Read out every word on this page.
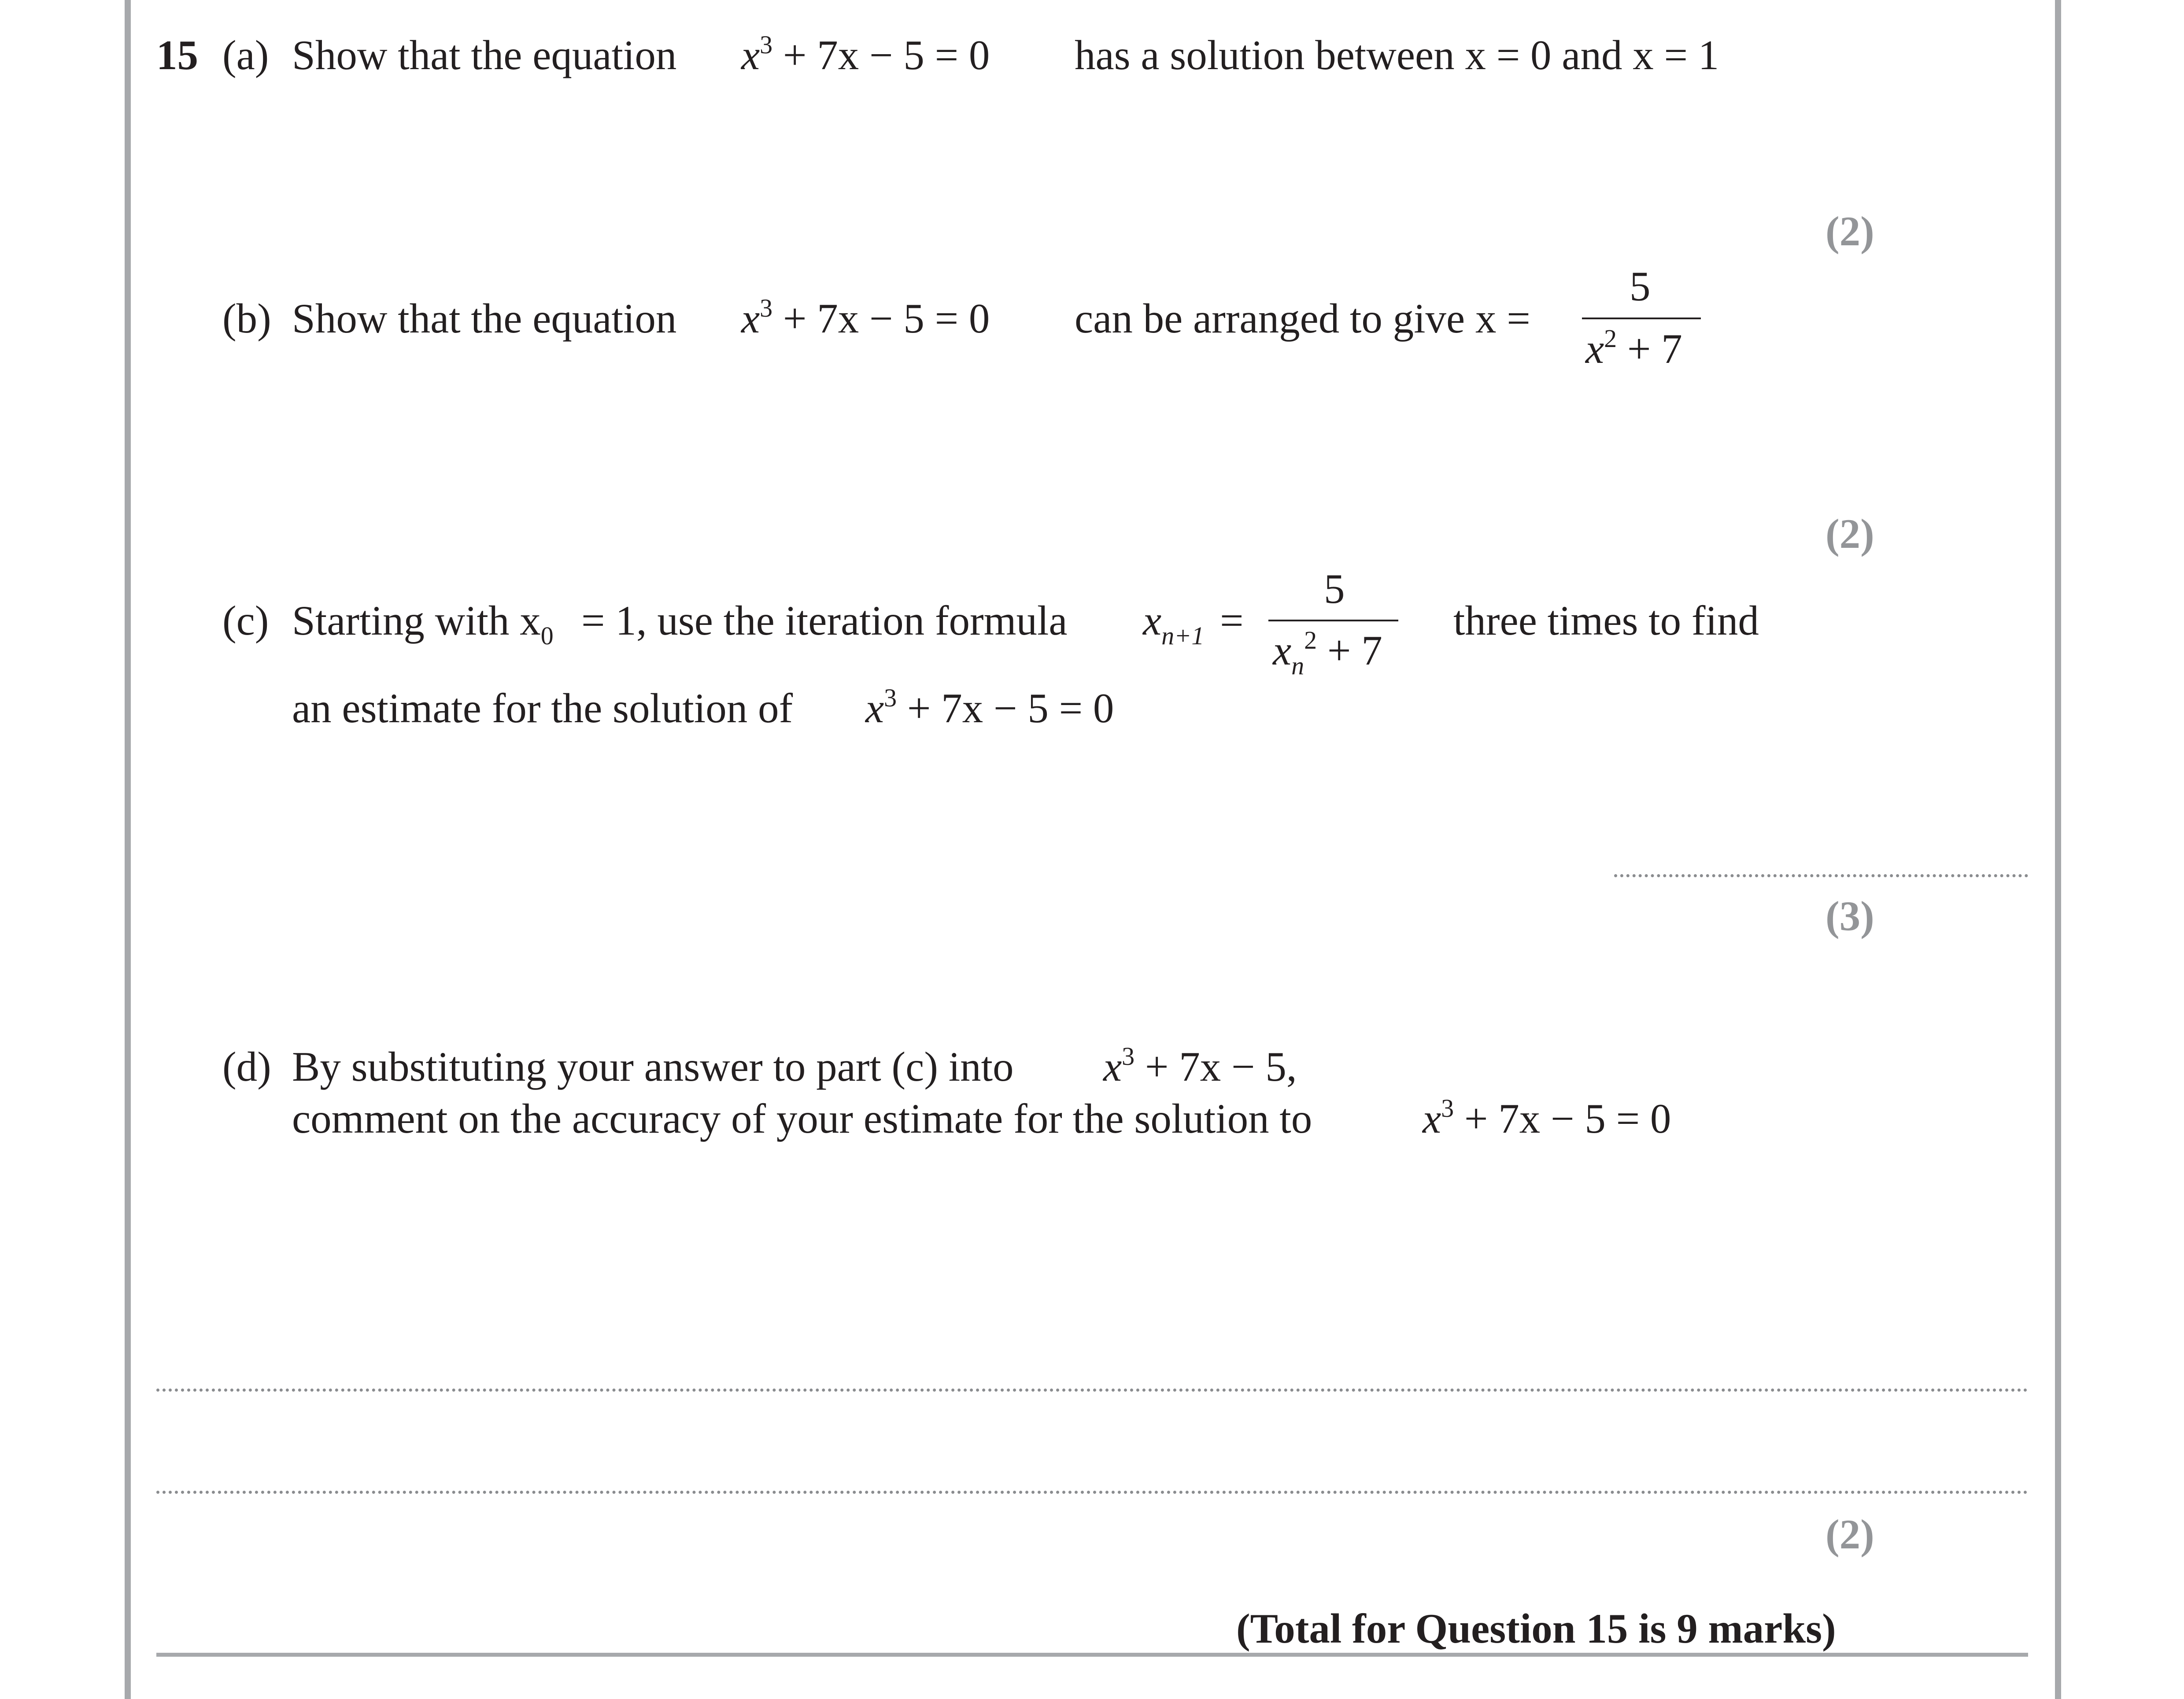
15 (a) Show that the equation $x^3 + 7x - 5 = 0$ has a solution between x = 0 and x = 1
(2)
(b) Show that the equation $x^3 + 7x - 5 = 0$ can be arranged to give x =
5
$x^2 + 7$
(2)
(c) Starting with $x_0 = 1$, use the iteration formula $x_{n+1}$ =
5
$x_n^2 + 7$
three times to find
an estimate for the solution of $x^3 + 7x - 5 = 0$
(3)
(d) By substituting your answer to part (c) into $x^3 + 7x - 5$,
comment on the accuracy of your estimate for the solution to	$x^3 + 7x - 5 = 0$
(2)
(Total for Question 15 is 9 marks)
